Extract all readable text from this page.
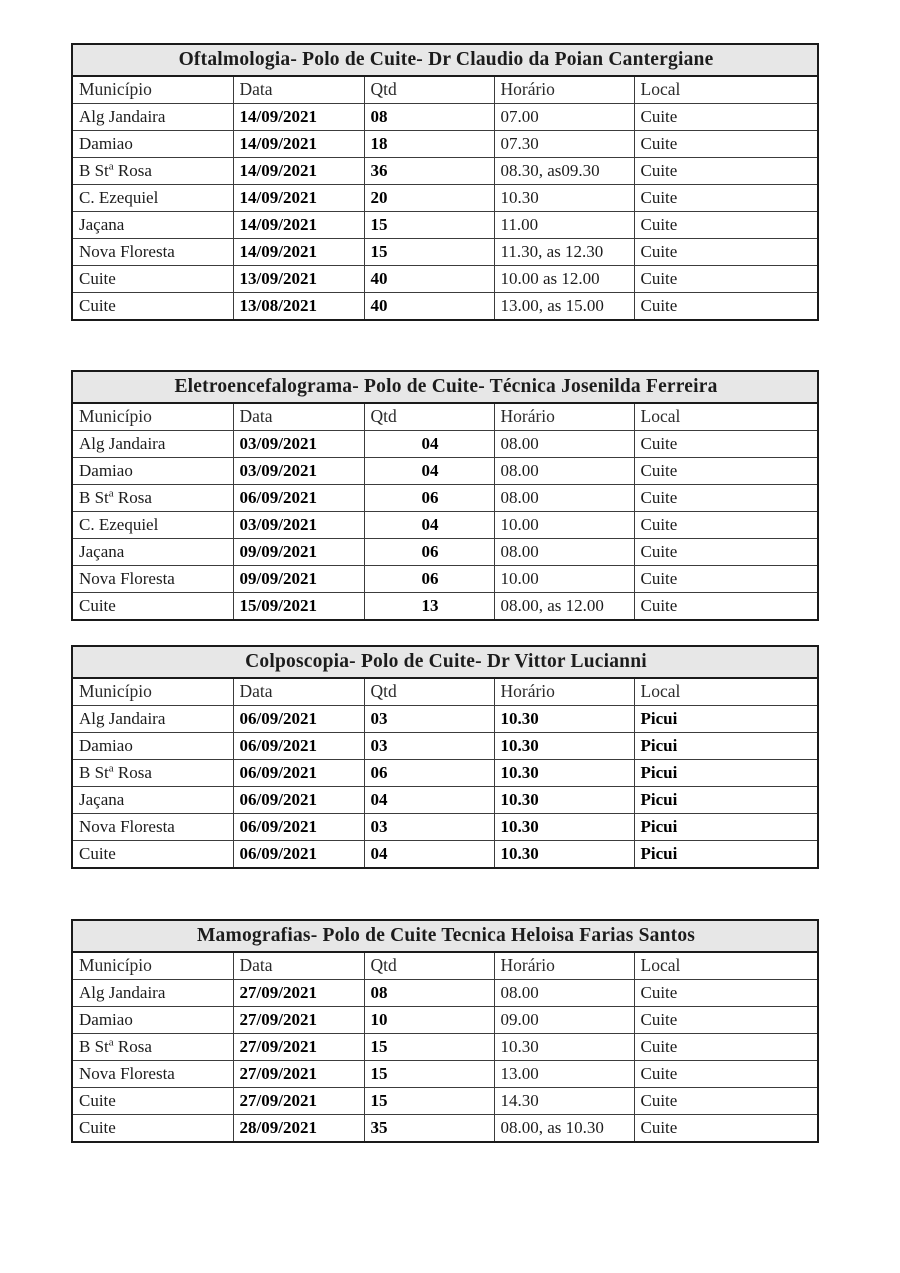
Oftalmologia- Polo de Cuite- Dr Claudio da Poian Cantergiane				
Município	Data	Qtd	Horário	Local
Alg Jandaira	14/09/2021	08	07.00	Cuite
Damiao	14/09/2021	18	07.30	Cuite
B St$^a$ Rosa	14/09/2021	36	08.30, as09.30	Cuite
C. Ezequiel	14/09/2021	20	10.30	Cuite
Jaçana	14/09/2021	15	11.00	Cuite
Nova Floresta	14/09/2021	15	11.30, as 12.30	Cuite
Cuite	13/09/2021	40	10.00 as 12.00	Cuite
Cuite	13/08/2021	40	13.00, as 15.00	Cuite
Eletroencefalograma- Polo de Cuite- Técnica Josenilda Ferreira				
Município	Data	Qtd	Horário	Local
Alg Jandaira	03/09/2021	04	08.00	Cuite
Damiao	03/09/2021	04	08.00	Cuite
B St$^a$ Rosa	06/09/2021	06	08.00	Cuite
C. Ezequiel	03/09/2021	04	10.00	Cuite
Jaçana	09/09/2021	06	08.00	Cuite
Nova Floresta	09/09/2021	06	10.00	Cuite
Cuite	15/09/2021	13	08.00, as 12.00	Cuite
Colposcopia- Polo de Cuite- Dr Vittor Lucianni				
Município	Data	Qtd	Horário	Local
Alg Jandaira	06/09/2021	03	10.30	Picui
Damiao	06/09/2021	03	10.30	Picui
B St$^a$ Rosa	06/09/2021	06	10.30	Picui
Jaçana	06/09/2021	04	10.30	Picui
Nova Floresta	06/09/2021	03	10.30	Picui
Cuite	06/09/2021	04	10.30	Picui
Mamografias- Polo de Cuite Tecnica Heloisa Farias Santos				
Município	Data	Qtd	Horário	Local
Alg Jandaira	27/09/2021	08	08.00	Cuite
Damiao	27/09/2021	10	09.00	Cuite
B St$^a$ Rosa	27/09/2021	15	10.30	Cuite
Nova Floresta	27/09/2021	15	13.00	Cuite
Cuite	27/09/2021	15	14.30	Cuite
Cuite	28/09/2021	35	08.00, as 10.30	Cuite
